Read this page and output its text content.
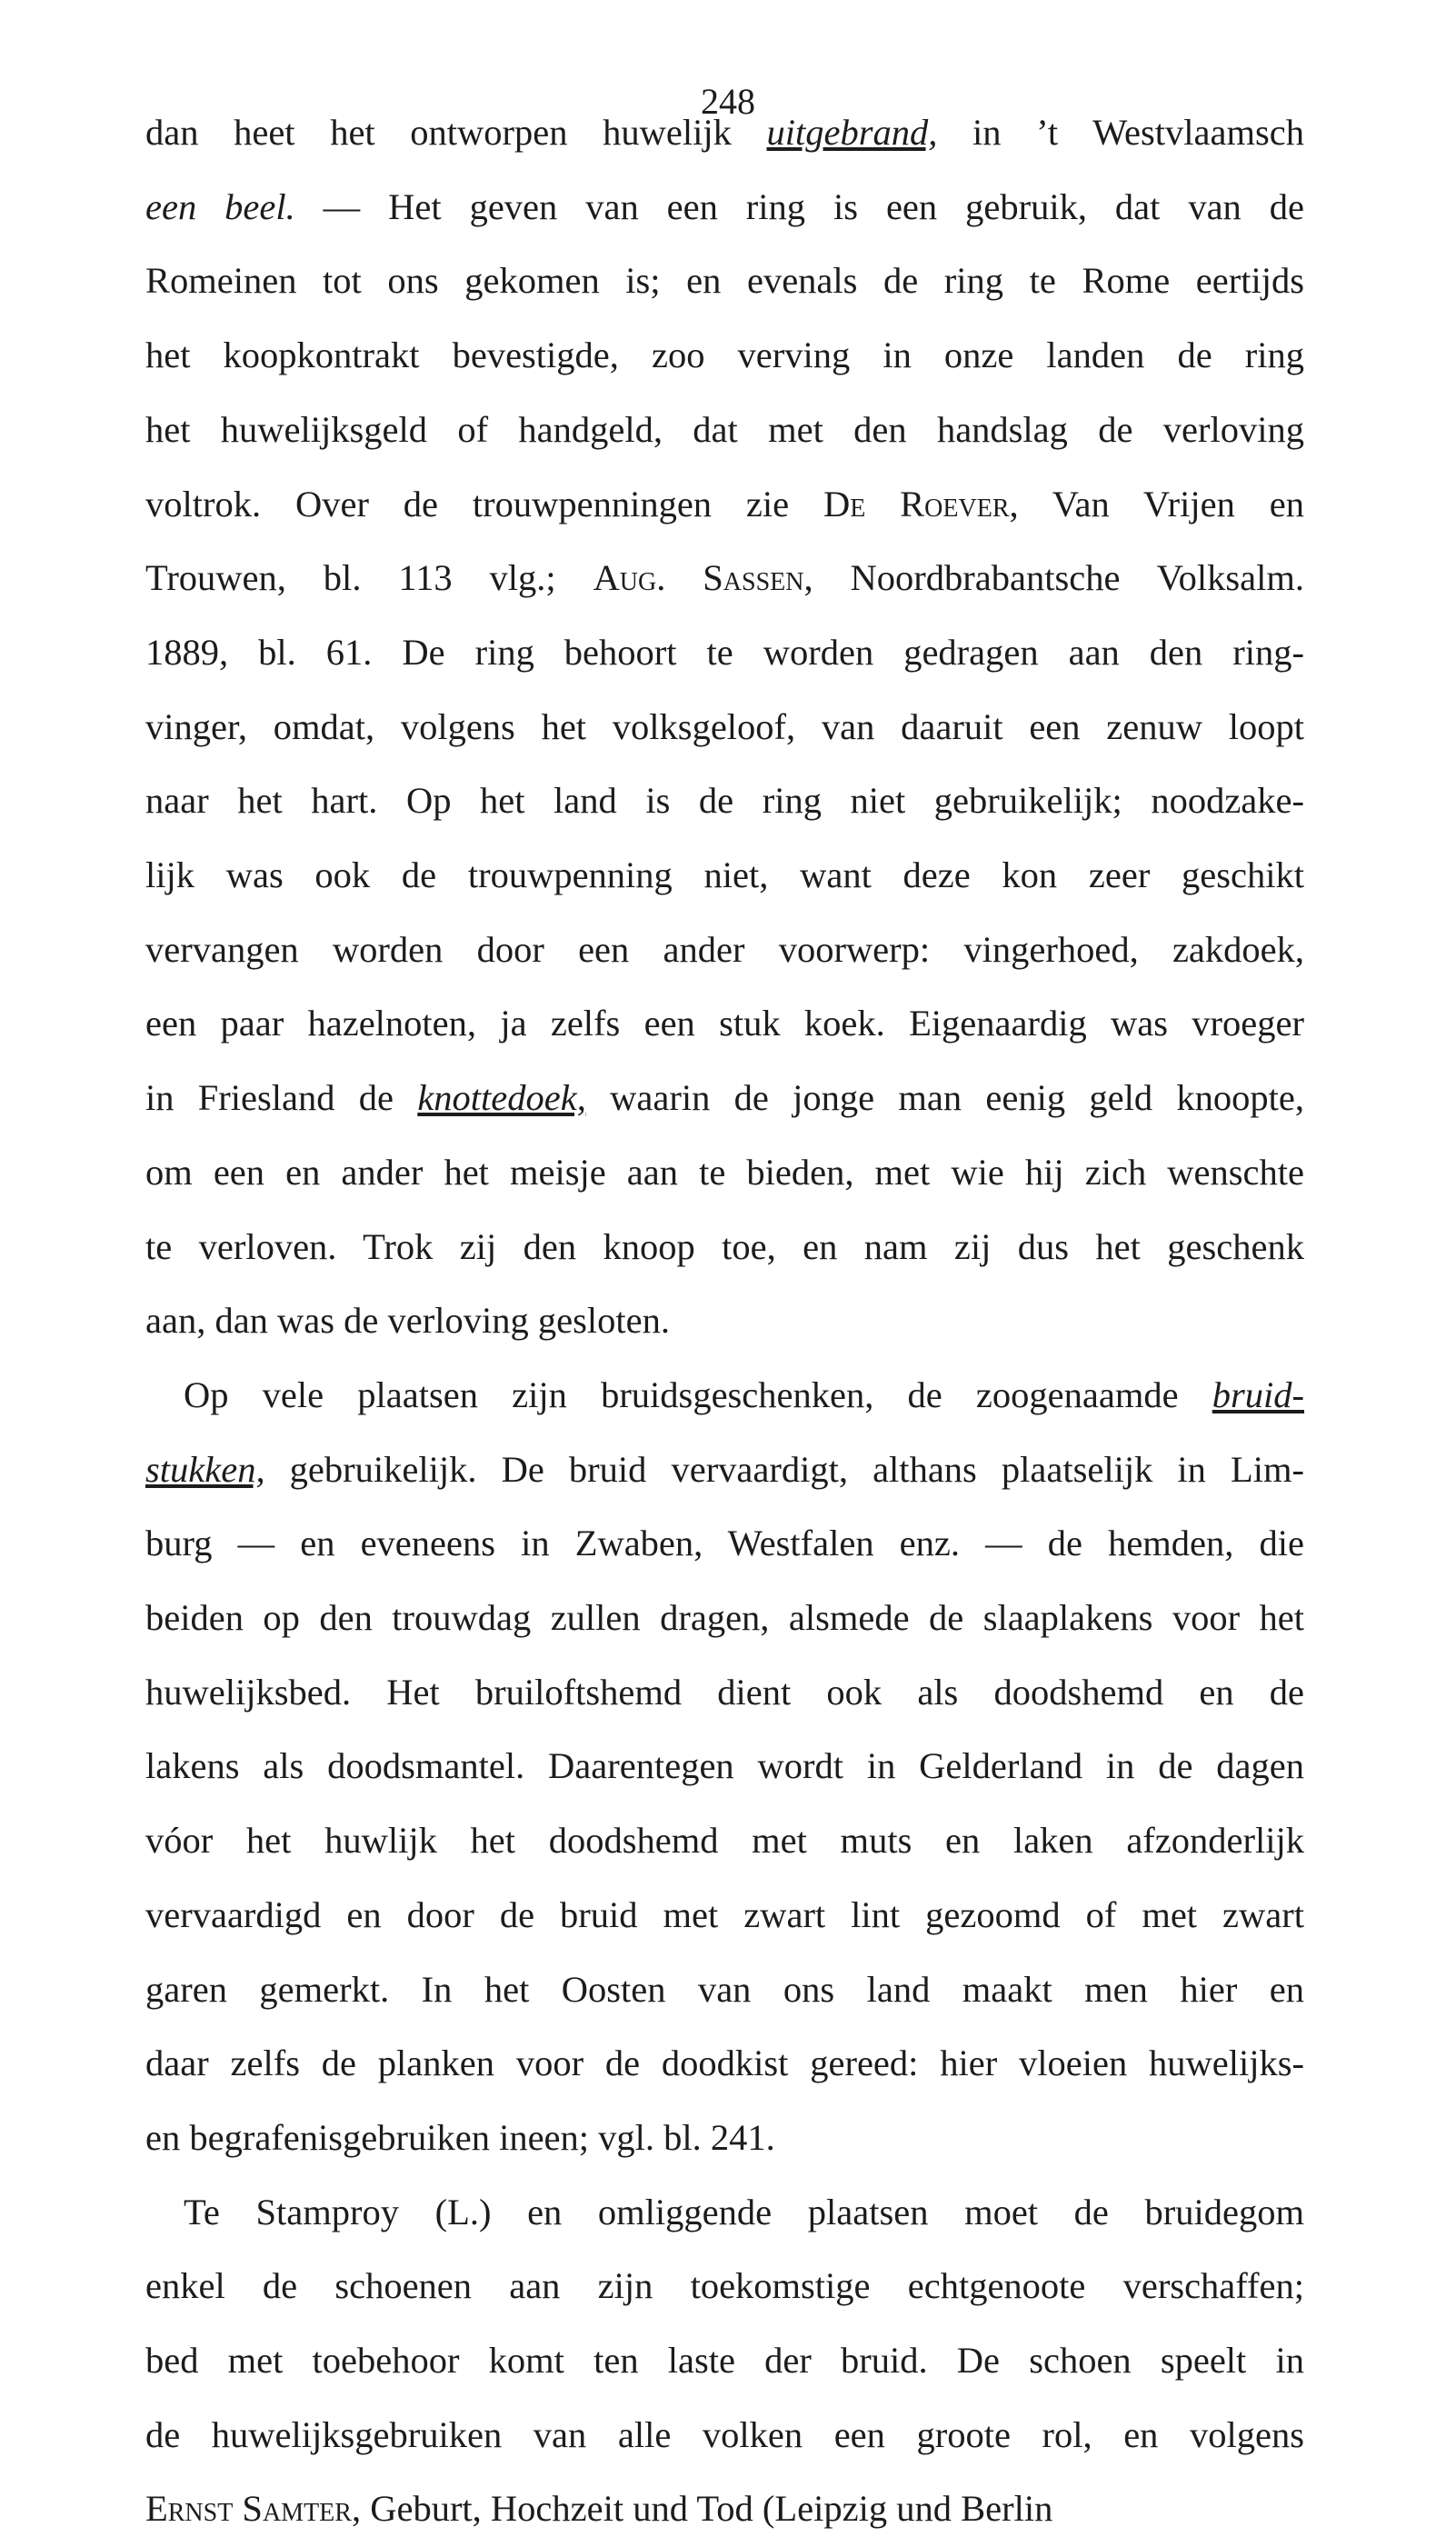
248
dan heet het ontworpen huwelijk uitgebrand, in ’t Westvlaamsch
een beel. — Het geven van een ring is een gebruik, dat van de
Romeinen tot ons gekomen is; en evenals de ring te Rome eertijds
het koopkontrakt bevestigde, zoo verving in onze landen de ring
het huwelijksgeld of handgeld, dat met den handslag de verloving
voltrok. Over de trouwpenningen zie De Roever, Van Vrijen en
Trouwen, bl. 113 vlg.; Aug. Sassen, Noordbrabantsche Volksalm.
1889, bl. 61. De ring behoort te worden gedragen aan den ring-
vinger, omdat, volgens het volksgeloof, van daaruit een zenuw loopt
naar het hart. Op het land is de ring niet gebruikelijk; noodzake-
lijk was ook de trouwpenning niet, want deze kon zeer geschikt
vervangen worden door een ander voorwerp: vingerhoed, zakdoek,
een paar hazelnoten, ja zelfs een stuk koek. Eigenaardig was vroeger
in Friesland de knottedoek, waarin de jonge man eenig geld knoopte,
om een en ander het meisje aan te bieden, met wie hij zich wenschte
te verloven. Trok zij den knoop toe, en nam zij dus het geschenk
aan, dan was de verloving gesloten.
Op vele plaatsen zijn bruidsgeschenken, de zoogenaamde bruid-
stukken, gebruikelijk. De bruid vervaardigt, althans plaatselijk in Lim-
burg — en eveneens in Zwaben, Westfalen enz. — de hemden, die
beiden op den trouwdag zullen dragen, alsmede de slaaplakens voor het
huwelijksbed. Het bruiloftshemd dient ook als doodshemd en de
lakens als doodsmantel. Daarentegen wordt in Gelderland in de dagen
vóor het huwlijk het doodshemd met muts en laken afzonderlijk
vervaardigd en door de bruid met zwart lint gezoomd of met zwart
garen gemerkt. In het Oosten van ons land maakt men hier en
daar zelfs de planken voor de doodkist gereed: hier vloeien huwelijks-
en begrafenisgebruiken ineen; vgl. bl. 241.
Te Stamproy (L.) en omliggende plaatsen moet de bruidegom
enkel de schoenen aan zijn toekomstige echtgenoote verschaffen;
bed met toebehoor komt ten laste der bruid. De schoen speelt in
de huwelijksgebruiken van alle volken een groote rol, en volgens
Ernst Samter, Geburt, Hochzeit und Tod (Leipzig und Berlin
